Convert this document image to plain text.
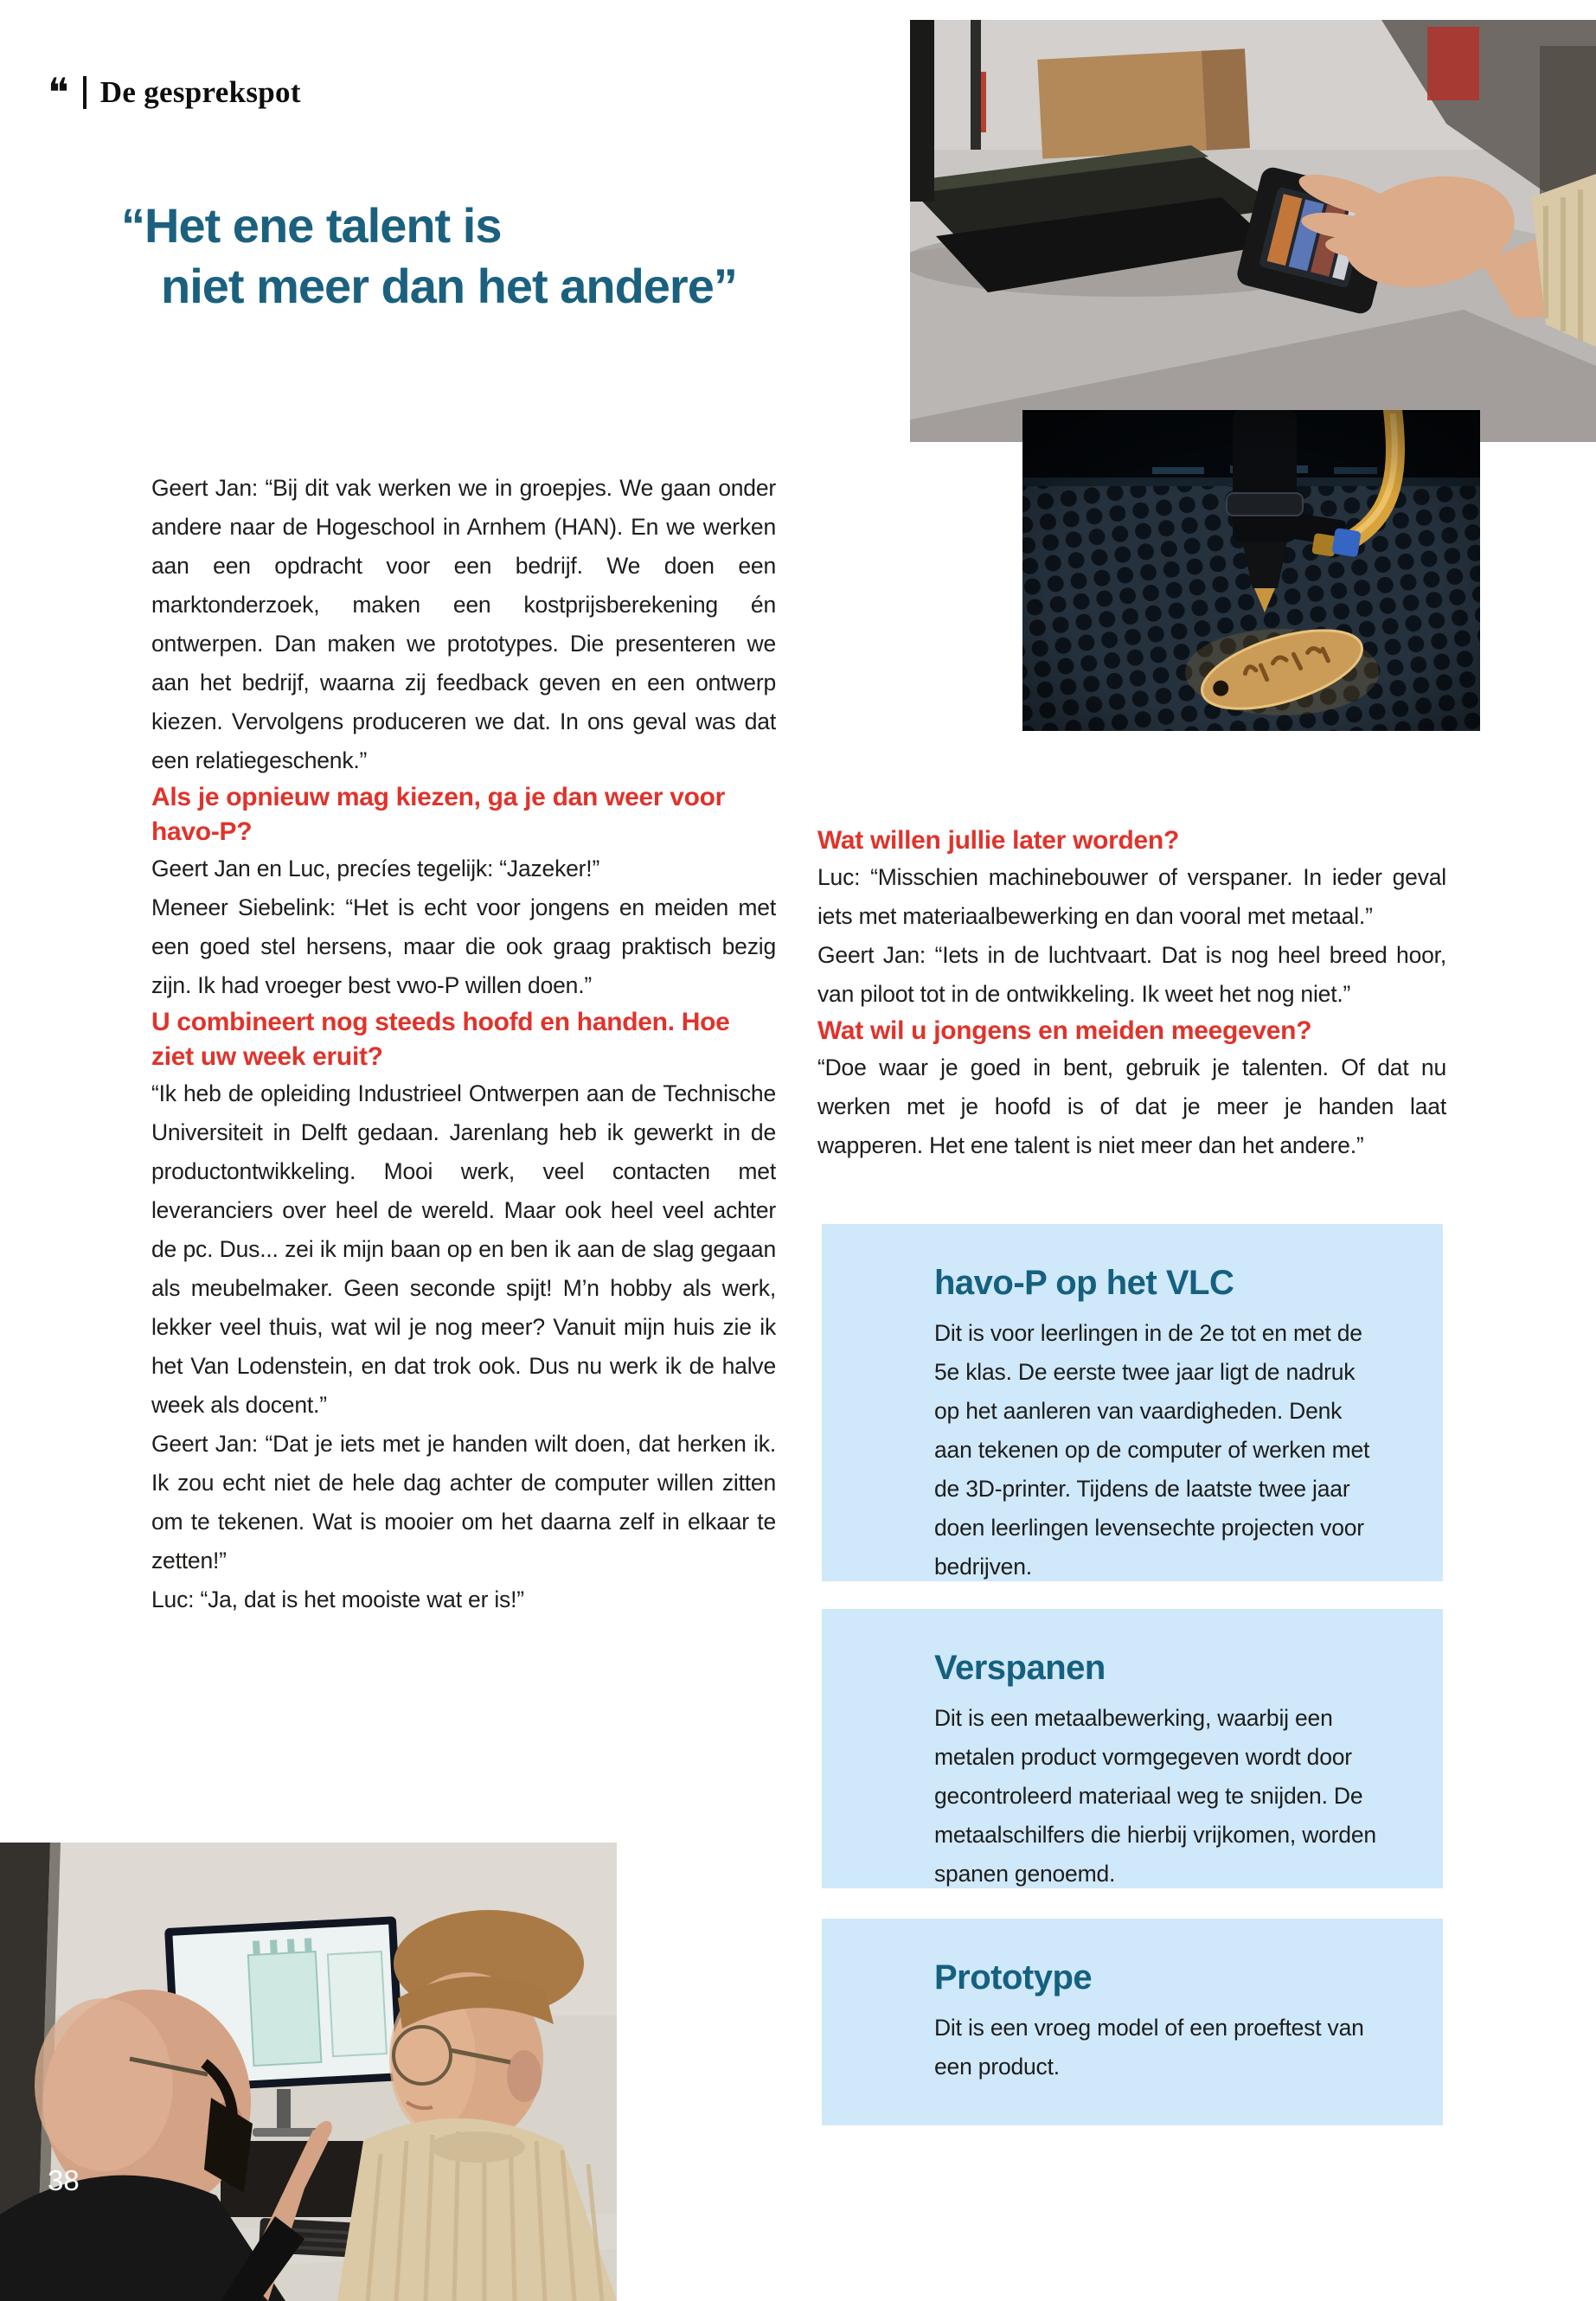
❝ De gesprekspot
“Het ene talent is
niet meer dan het andere”

Geert Jan: “Bij dit vak werken we in groepjes. We gaan onder andere naar de Hogeschool in Arnhem (HAN). En we werken aan een opdracht voor een bedrijf. We doen een marktonderzoek, maken een kostprijsberekening én ontwerpen. Dan maken we prototypes. Die presenteren we aan het bedrijf, waarna zij feedback geven en een ontwerp kiezen. Vervolgens produceren we dat. In ons geval was dat een relatiegeschenk.”

Als je opnieuw mag kiezen, ga je dan weer voor havo-P?

Geert Jan en Luc, precíes tegelijk: “Jazeker!”

Meneer Siebelink: “Het is echt voor jongens en meiden met een goed stel hersens, maar die ook graag praktisch bezig zijn. Ik had vroeger best vwo-P willen doen.”

U combineert nog steeds hoofd en handen. Hoe ziet uw week eruit?

“Ik heb de opleiding Industrieel Ontwerpen aan de Technische Universiteit in Delft gedaan. Jarenlang heb ik gewerkt in de productontwikkeling. Mooi werk, veel contacten met leveranciers over heel de wereld. Maar ook heel veel achter de pc. Dus... zei ik mijn baan op en ben ik aan de slag gegaan als meubelmaker. Geen seconde spijt! M’n hobby als werk, lekker veel thuis, wat wil je nog meer? Vanuit mijn huis zie ik het Van Lodenstein, en dat trok ook. Dus nu werk ik de halve week als docent.”

Geert Jan: “Dat je iets met je handen wilt doen, dat herken ik. Ik zou echt niet de hele dag achter de computer willen zitten om te tekenen. Wat is mooier om het daarna zelf in elkaar te zetten!”

Luc: “Ja, dat is het mooiste wat er is!”

Wat willen jullie later worden?

Luc: “Misschien machinebouwer of verspaner. In ieder geval iets met materiaalbewerking en dan vooral met metaal.”

Geert Jan: “Iets in de luchtvaart. Dat is nog heel breed hoor, van piloot tot in de ontwikkeling. Ik weet het nog niet.”

Wat wil u jongens en meiden meegeven?

“Doe waar je goed in bent, gebruik je talenten. Of dat nu werken met je hoofd is of dat je meer je handen laat wapperen. Het ene talent is niet meer dan het andere.”

havo-P op het VLC

Dit is voor leerlingen in de 2e tot en met de 5e klas. De eerste twee jaar ligt de nadruk op het aanleren van vaardigheden. Denk aan tekenen op de computer of werken met de 3D-printer. Tijdens de laatste twee jaar doen leerlingen levensechte projecten voor bedrijven.

Verspanen

Dit is een metaalbewerking, waarbij een metalen product vormgegeven wordt door gecontroleerd materiaal weg te snijden. De metaalschilfers die hierbij vrijkomen, worden spanen genoemd.

Prototype

Dit is een vroeg model of een proeftest van een product.

38
